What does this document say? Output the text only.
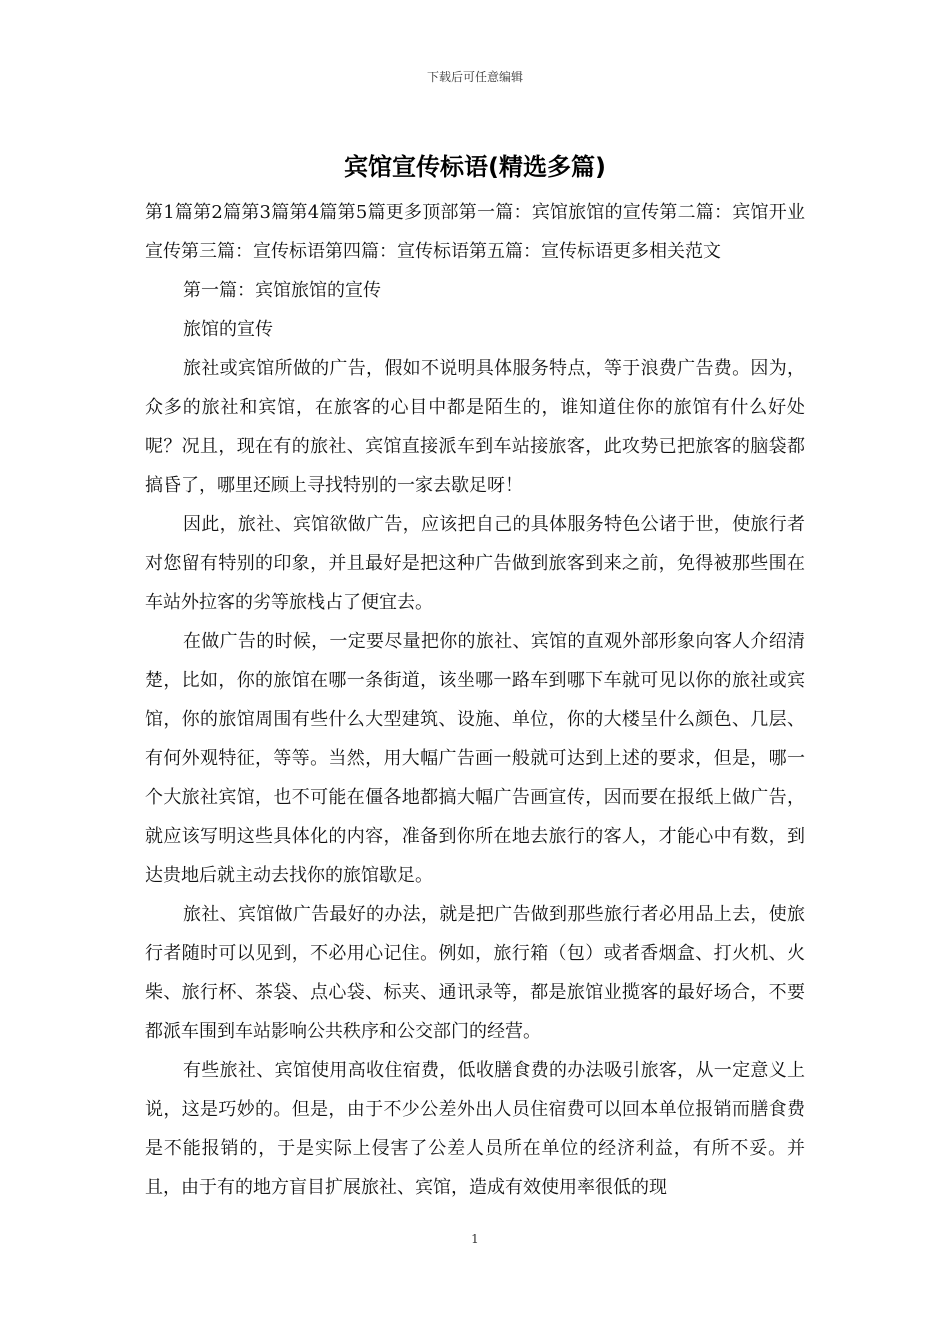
下载后可任意编辑
宾馆宣传标语(精选多篇)

第1篇第2篇第3篇第4篇第5篇更多顶部第一篇：宾馆旅馆的宣传第二篇：宾馆开业宣传第三篇：宣传标语第四篇：宣传标语第五篇：宣传标语更多相关范文

第一篇：宾馆旅馆的宣传

旅馆的宣传

旅社或宾馆所做的广告，假如不说明具体服务特点，等于浪费广告费。因为，众多的旅社和宾馆，在旅客的心目中都是陌生的，谁知道住你的旅馆有什么好处呢？况且，现在有的旅社、宾馆直接派车到车站接旅客，此攻势已把旅客的脑袋都搞昏了，哪里还顾上寻找特别的一家去歇足呀！

因此，旅社、宾馆欲做广告，应该把自己的具体服务特色公诸于世，使旅行者对您留有特别的印象，并且最好是把这种广告做到旅客到来之前，免得被那些围在车站外拉客的劣等旅栈占了便宜去。

在做广告的时候，一定要尽量把你的旅社、宾馆的直观外部形象向客人介绍清楚，比如，你的旅馆在哪一条街道，该坐哪一路车到哪下车就可见以你的旅社或宾馆，你的旅馆周围有些什么大型建筑、设施、单位，你的大楼呈什么颜色、几层、有何外观特征，等等。当然，用大幅广告画一般就可达到上述的要求，但是，哪一个大旅社宾馆，也不可能在僵各地都搞大幅广告画宣传，因而要在报纸上做广告，就应该写明这些具体化的内容，准备到你所在地去旅行的客人，才能心中有数，到达贵地后就主动去找你的旅馆歇足。

旅社、宾馆做广告最好的办法，就是把广告做到那些旅行者必用品上去，使旅行者随时可以见到，不必用心记住。例如，旅行箱（包）或者香烟盒、打火机、火柴、旅行杯、茶袋、点心袋、标夹、通讯录等，都是旅馆业揽客的最好场合，不要都派车围到车站影响公共秩序和公交部门的经营。

有些旅社、宾馆使用高收住宿费，低收膳食费的办法吸引旅客，从一定意义上说，这是巧妙的。但是，由于不少公差外出人员住宿费可以回本单位报销而膳食费是不能报销的，于是实际上侵害了公差人员所在单位的经济利益，有所不妥。并且，由于有的地方盲目扩展旅社、宾馆，造成有效使用率很低的现

1
